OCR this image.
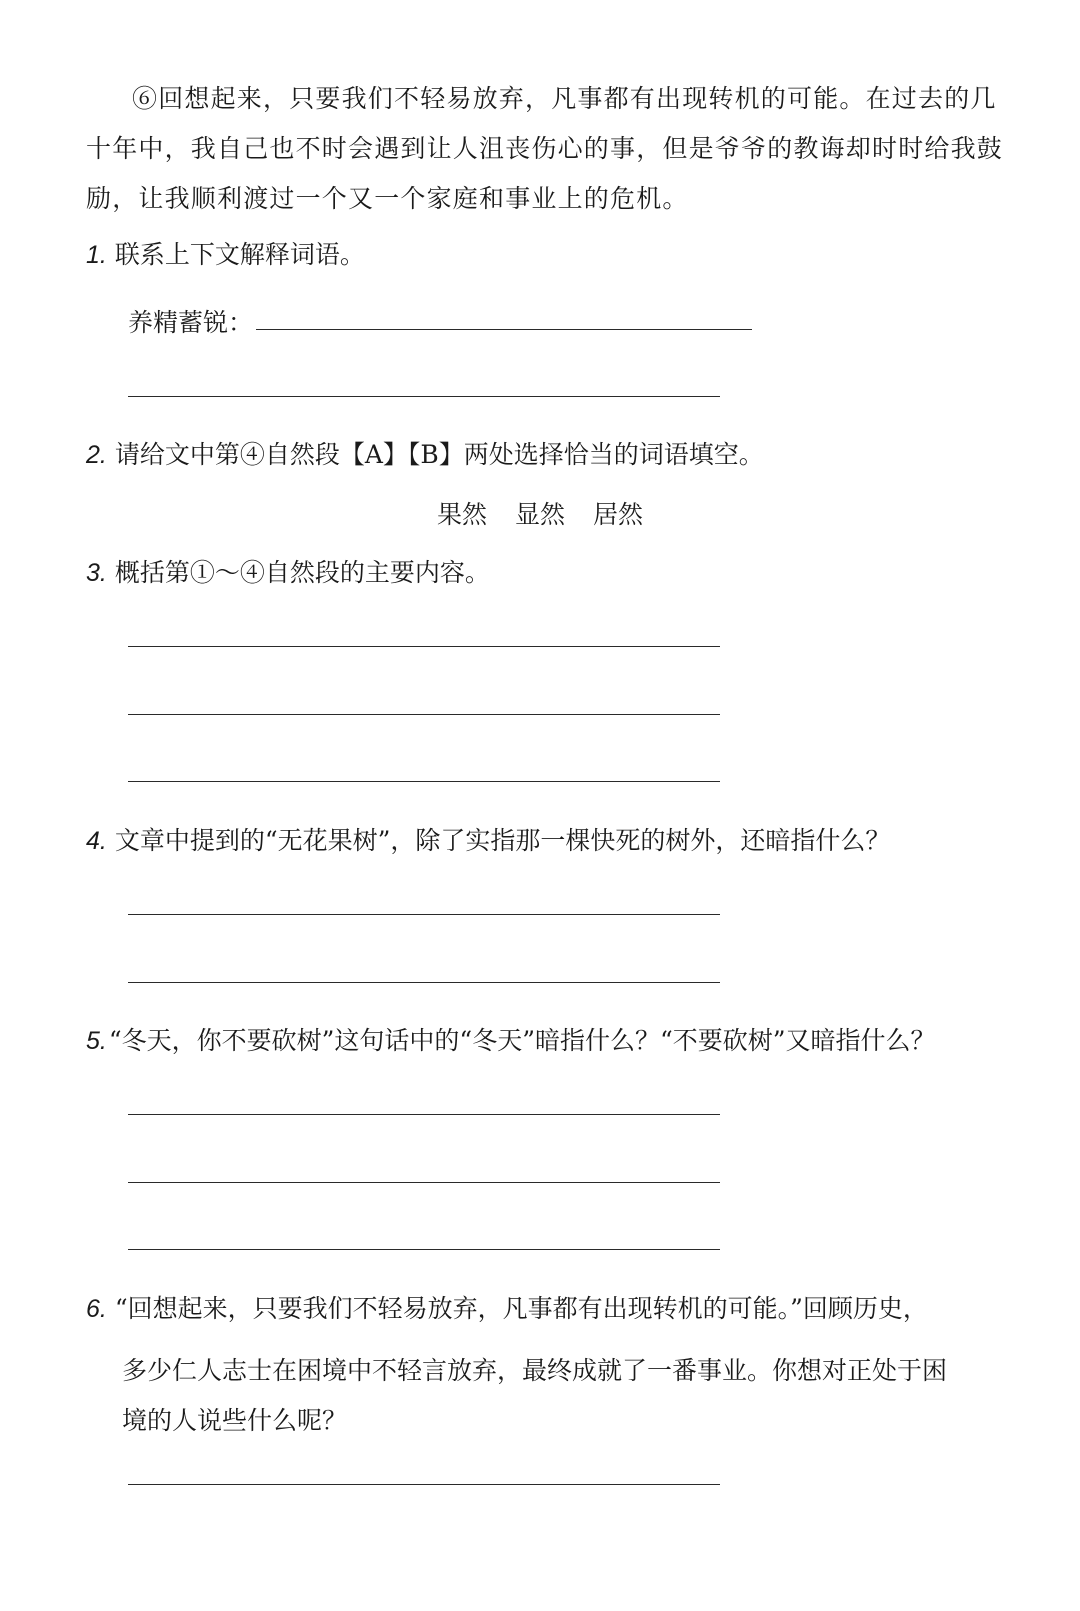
⑥回想起来，只要我们不轻易放弃，凡事都有出现转机的可能。在过去的几
十年中，我自己也不时会遇到让人沮丧伤心的事，但是爷爷的教诲却时时给我鼓
励，让我顺利渡过一个又一个家庭和事业上的危机。
1. 联系上下文解释词语。
养精蓄锐：
2. 请给文中第④自然段【A】【B】两处选择恰当的词语填空。
果然 显然 居然
3. 概括第①～④自然段的主要内容。
4. 文章中提到的“无花果树”，除了实指那一棵快死的树外，还暗指什么？
5.“冬天，你不要砍树”这句话中的“冬天”暗指什么？“不要砍树”又暗指什么？
6. “回想起来，只要我们不轻易放弃，凡事都有出现转机的可能。”回顾历史，
多少仁人志士在困境中不轻言放弃，最终成就了一番事业。你想对正处于困
境的人说些什么呢？
